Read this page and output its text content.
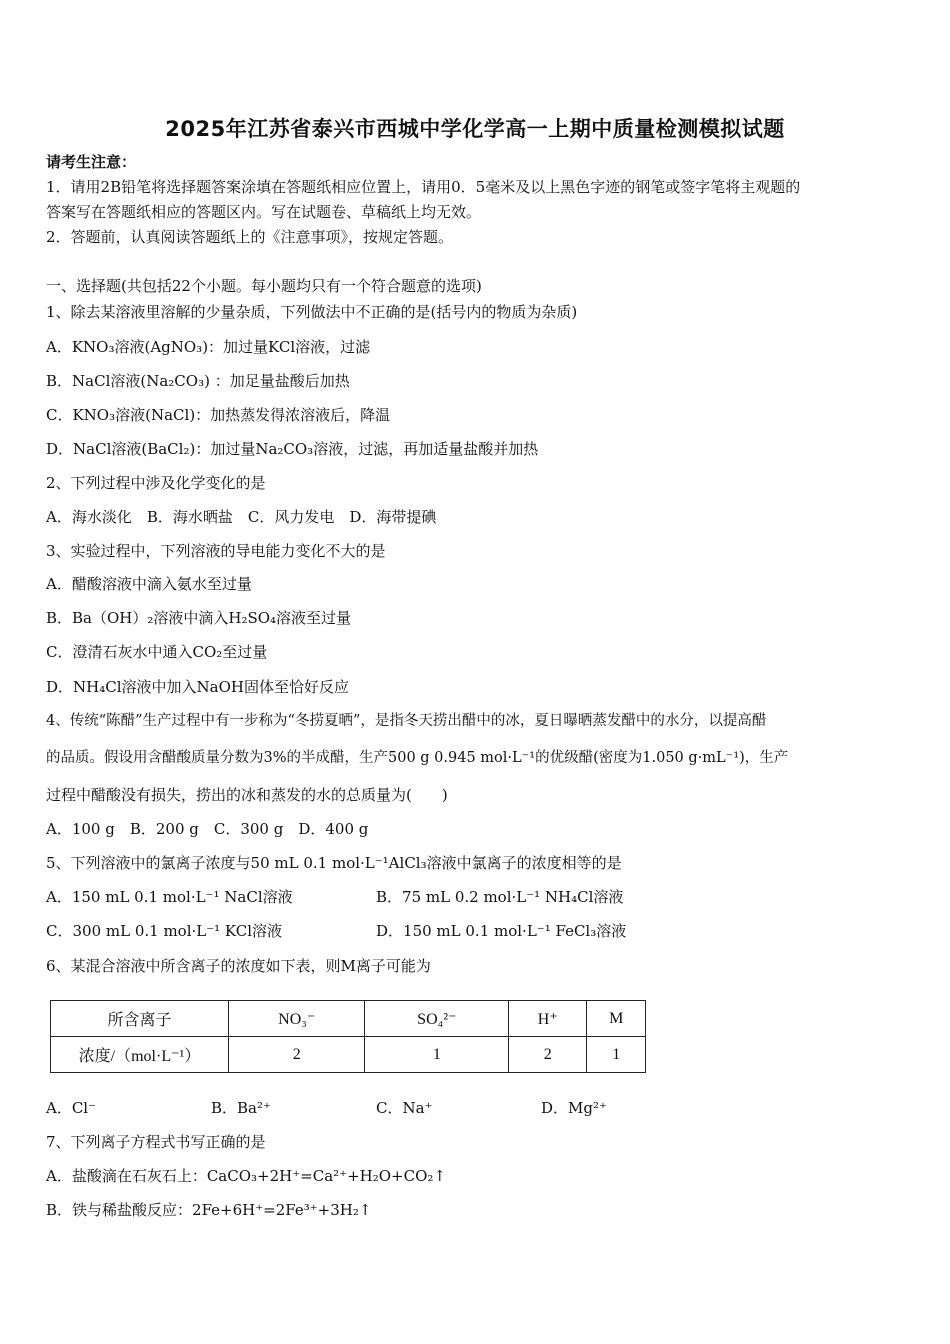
2025年江苏省泰兴市西城中学化学高一上期中质量检测模拟试题
请考生注意：
1．请用2B铅笔将选择题答案涂填在答题纸相应位置上，请用0．5毫米及以上黑色字迹的钢笔或签字笔将主观题的
答案写在答题纸相应的答题区内。写在试题卷、草稿纸上均无效。
2．答题前，认真阅读答题纸上的《注意事项》，按规定答题。
一、选择题(共包括22个小题。每小题均只有一个符合题意的选项)
1、除去某溶液里溶解的少量杂质，下列做法中不正确的是(括号内的物质为杂质)
A．KNO₃溶液(AgNO₃)：加过量KCl溶液，过滤
B．NaCl溶液(Na₂CO₃) ：加足量盐酸后加热
C．KNO₃溶液(NaCl)：加热蒸发得浓溶液后，降温
D．NaCl溶液(BaCl₂)：加过量Na₂CO₃溶液，过滤，再加适量盐酸并加热
2、下列过程中涉及化学变化的是
A．海水淡化　B．海水晒盐　C．风力发电　D．海带提碘
3、实验过程中，下列溶液的导电能力变化不大的是
A．醋酸溶液中滴入氨水至过量
B．Ba（OH）₂溶液中滴入H₂SO₄溶液至过量
C．澄清石灰水中通入CO₂至过量
D．NH₄Cl溶液中加入NaOH固体至恰好反应
4、传统“陈醋”生产过程中有一步称为“冬捞夏晒”，是指冬天捞出醋中的冰，夏日曝晒蒸发醋中的水分，以提高醋
的品质。假设用含醋酸质量分数为3%的半成醋，生产500 g 0.945 mol·L⁻¹的优级醋(密度为1.050 g·mL⁻¹)，生产
过程中醋酸没有损失，捞出的冰和蒸发的水的总质量为(　　)
A．100 g　B．200 g　C．300 g　D．400 g
5、下列溶液中的氯离子浓度与50 mL 0.1 mol·L⁻¹AlCl₃溶液中氯离子的浓度相等的是
A．150 mL 0.1 mol·L⁻¹ NaCl溶液	B．75 mL 0.2 mol·L⁻¹ NH₄Cl溶液
C．300 mL 0.1 mol·L⁻¹ KCl溶液	D．150 mL 0.1 mol·L⁻¹ FeCl₃溶液
6、某混合溶液中所含离子的浓度如下表，则M离子可能为
所含离子	NO₃⁻	SO₄²⁻	H⁺	M
浓度/（mol·L⁻¹）	2	1	2	1
A．Cl⁻	B．Ba²⁺	C．Na⁺	D．Mg²⁺
7、下列离子方程式书写正确的是
A．盐酸滴在石灰石上：CaCO₃+2H⁺=Ca²⁺+H₂O+CO₂↑
B．铁与稀盐酸反应：2Fe+6H⁺=2Fe³⁺+3H₂↑
